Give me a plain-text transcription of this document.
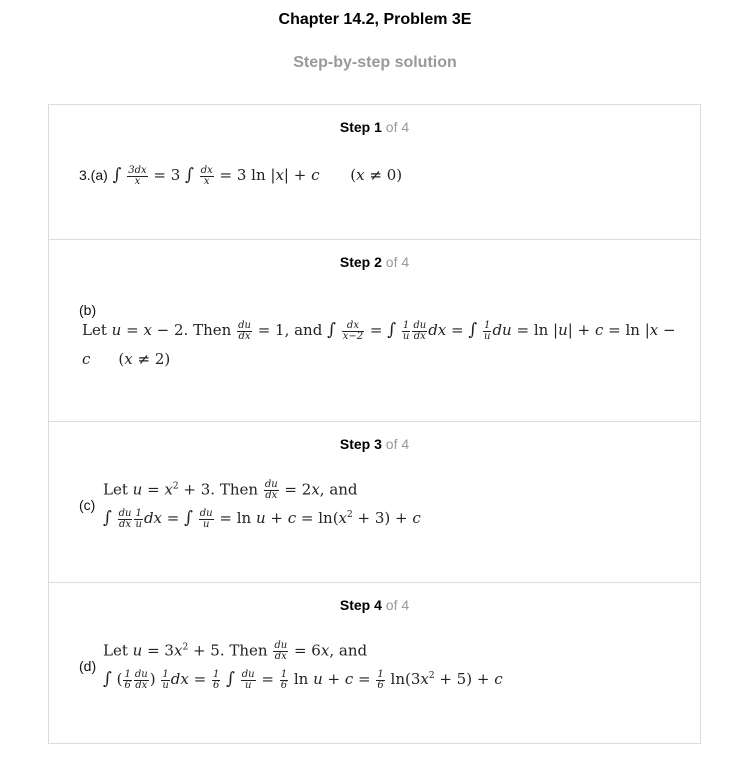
Chapter 14.2, Problem 3E
Step-by-step solution
Step 1 of 4
3.(a) ∫ $\frac{3dx}{x} = 3$ ∫ $\frac{dx}{x} = 3$ ln |x| + c (x ≠ 0)
Step 2 of 4
(b)
Let u = x − 2. Then $\frac{du}{dx} = 1$, and ∫ $\frac{dx}{x-2}$ = ∫ $\frac{1}{u} \frac{du}{dx}$ dx = ∫ $\frac{1}{u}$ du = ln |u| + c = ln |x −
c (x ≠ 2)
Step 3 of 4
(c)
Let $u = x^2 + 3$. Then $\frac{du}{dx} = 2x$, and
∫ $\frac{du}{dx} \frac{1}{u}$ dx = ∫ $\frac{du}{u} = \ln u + c = \ln(x^2 + 3) + c$
Step 4 of 4
(d)
Let $u = 3x^2 + 5$. Then $\frac{du}{dx} = 6x$, and
∫ ( $\frac{1}{6} \frac{du}{dx}$ ) $\frac{1}{u}$ dx = $\frac{1}{6}$ ∫ $\frac{du}{u} = \frac{1}{6}$ $\ln u + c = \frac{1}{6} \ln(3x^2 + 5) + c$
